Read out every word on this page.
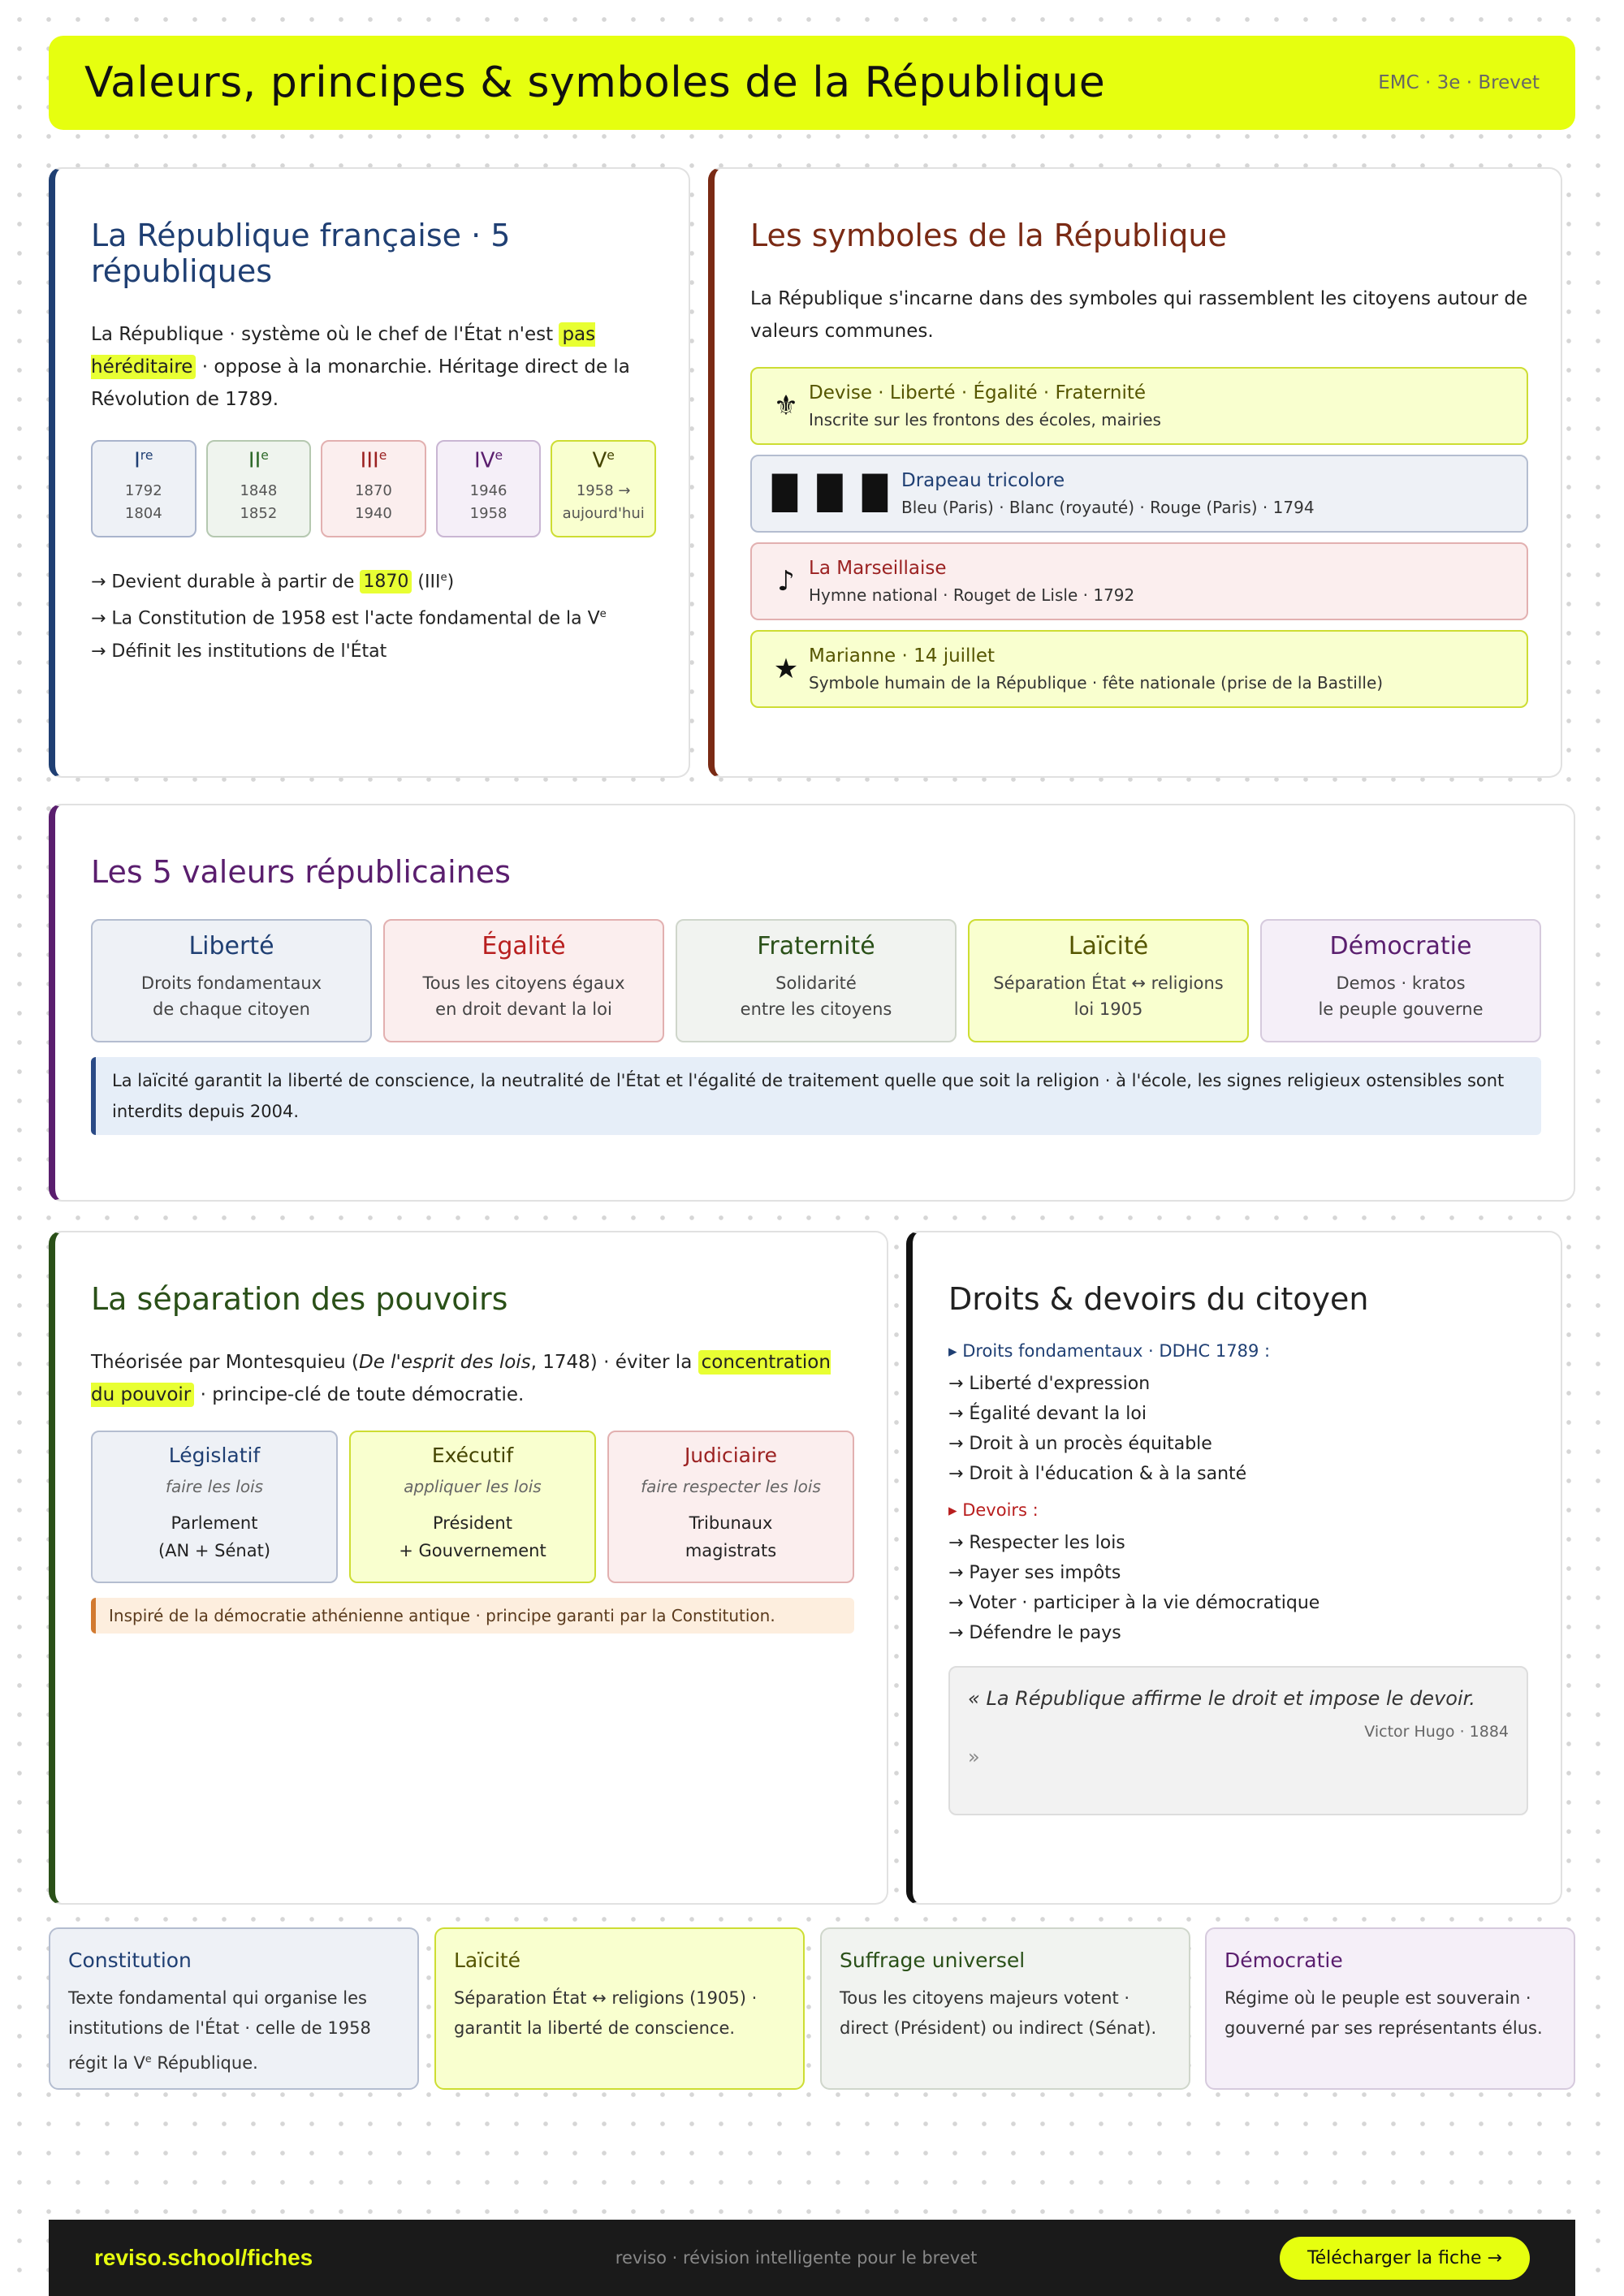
Valeurs, principes & symboles de la République	EMC · 3e · Brevet
La République française · 5 républiques

La République · système où le chef de l'État n'est pas héréditaire · oppose à la monarchie. Héritage direct de la Révolution de 1789.

Ire
1792
1804
IIe
1848
1852
IIIe
1870
1940
IVe
1946
1958
Ve
1958 →
aujourd'hui
→ Devient durable à partir de 1870 $(III^e)$
→ La Constitution de 1958 est l'acte fondamental de la $V^e$
→ Définit les institutions de l'État
Les symboles de la République

La République s'incarne dans des symboles qui rassemblent les citoyens autour de valeurs communes.

⚜ Devise · Liberté · Égalité · Fraternité
Inscrite sur les frontons des écoles, mairies
█ █ █ Drapeau tricolore
Bleu (Paris) · Blanc (royauté) · Rouge (Paris) · 1794
♪ La Marseillaise
Hymne national · Rouget de Lisle · 1792
★ Marianne · 14 juillet
Symbole humain de la République · fête nationale (prise de la Bastille)
Les 5 valeurs républicaines
Liberté
Droits fondamentaux
de chaque citoyen
Égalité
Tous les citoyens égaux
en droit devant la loi
Fraternité
Solidarité
entre les citoyens
Laïcité
Séparation État ↔ religions
loi 1905
Démocratie
Demos · kratos
le peuple gouverne
La laïcité garantit la liberté de conscience, la neutralité de l'État et l'égalité de traitement quelle que soit la religion · à l'école, les signes religieux ostensibles sont interdits depuis 2004.
La séparation des pouvoirs

Théorisée par Montesquieu (De l'esprit des lois, 1748) · éviter la concentration du pouvoir · principe-clé de toute démocratie.

Législatif
faire les lois
Parlement
(AN + Sénat)
Exécutif
appliquer les lois
Président
+ Gouvernement
Judiciaire
faire respecter les lois
Tribunaux
magistrats
Inspiré de la démocratie athénienne antique · principe garanti par la Constitution.
Droits & devoirs du citoyen
▸ Droits fondamentaux · DDHC 1789 :
→ Liberté d'expression
→ Égalité devant la loi
→ Droit à un procès équitable
→ Droit à l'éducation & à la santé
▸ Devoirs :
→ Respecter les lois
→ Payer ses impôts
→ Voter · participer à la vie démocratique
→ Défendre le pays
« La République affirme le droit et impose le devoir.
Victor Hugo · 1884
»
Constitution
Texte fondamental qui organise les institutions de l'État · celle de 1958 régit la Ve République.
Laïcité
Séparation État ↔ religions (1905) · garantit la liberté de conscience.
Suffrage universel
Tous les citoyens majeurs votent · direct (Président) ou indirect (Sénat).
Démocratie
Régime où le peuple est souverain · gouverné par ses représentants élus.
reviso.school/fiches	reviso · révision intelligente pour le brevet	Télécharger la fiche →
